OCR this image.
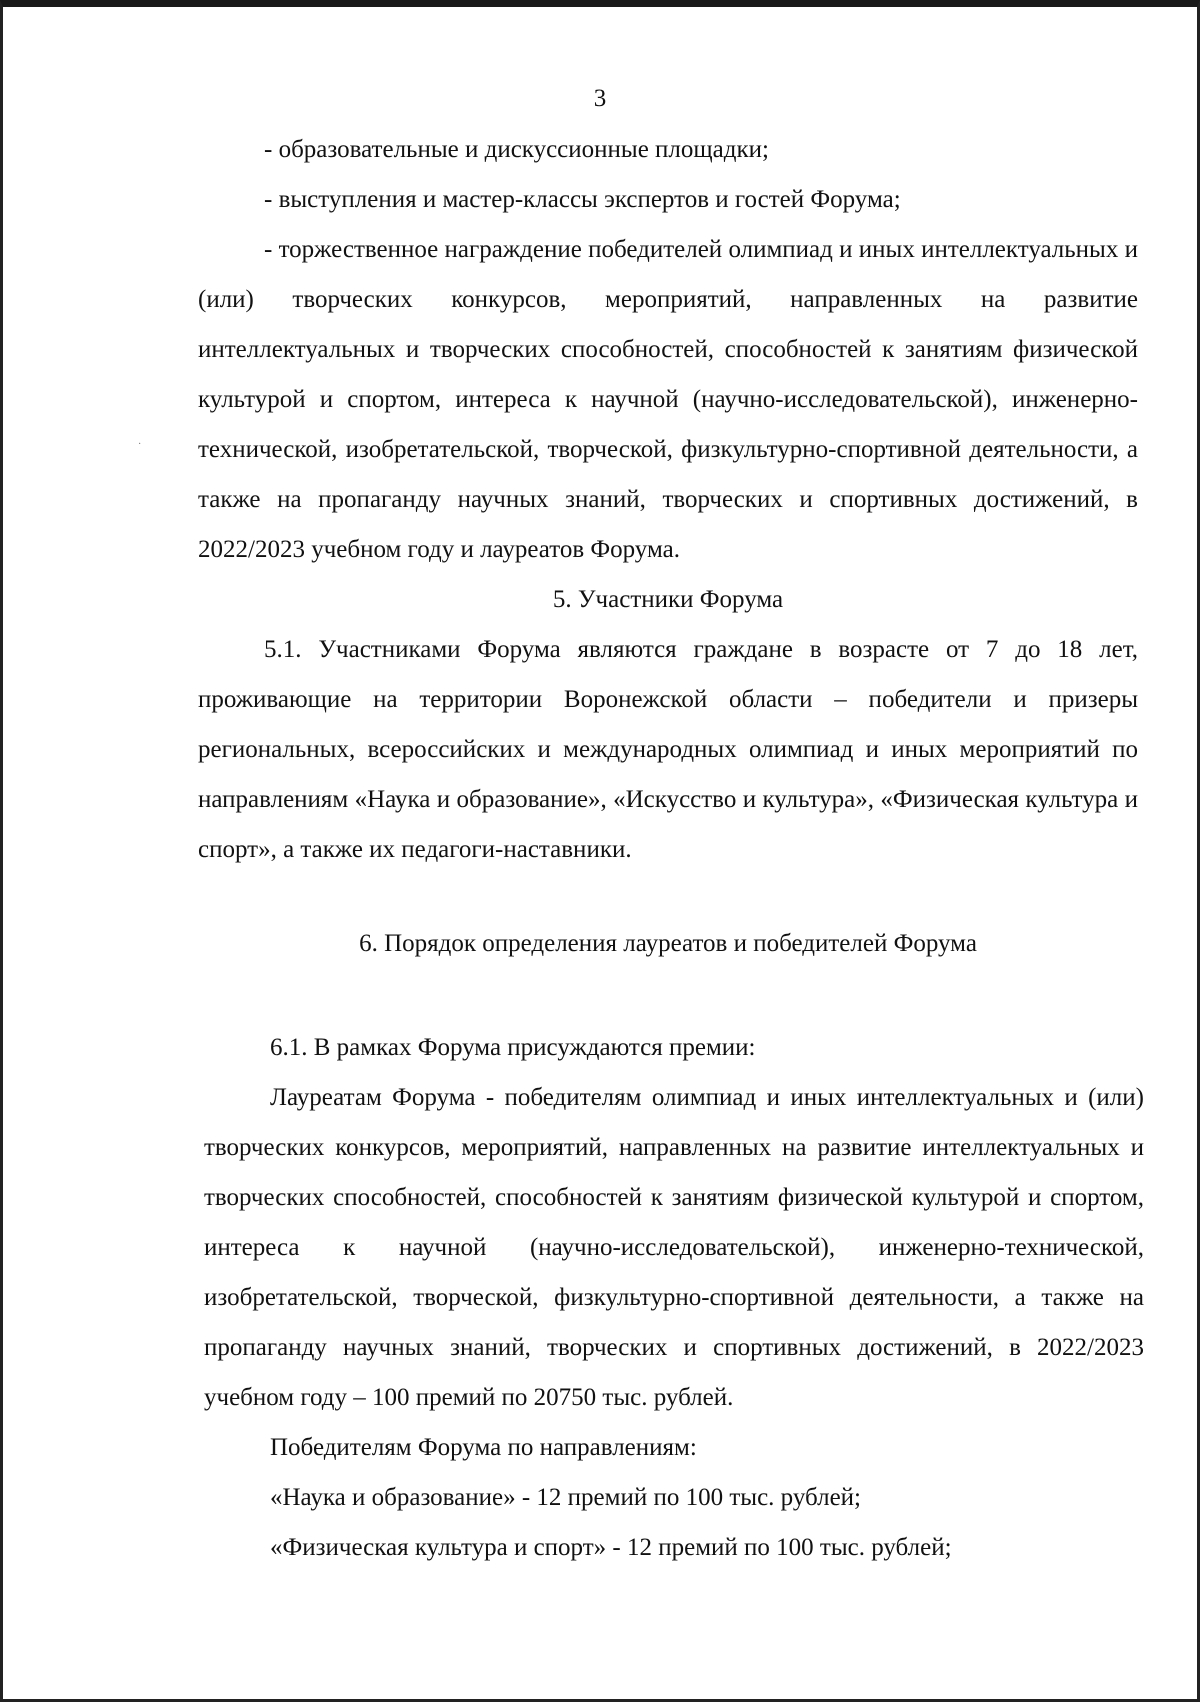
·
3

- образовательные и дискуссионные площадки;

- выступления и мастер-классы экспертов и гостей Форума;

- торжественное награждение победителей олимпиад и иных интеллектуальных и (или) творческих конкурсов, мероприятий, направленных на развитие интеллектуальных и творческих способностей, способностей к занятиям физической культурой и спортом, интереса к научной (научно-исследовательской), инженерно-технической, изобретательской, творческой, физкультурно-спортивной деятельности, а также на пропаганду научных знаний, творческих и спортивных достижений, в 2022/2023 учебном году и лауреатов Форума.

5. Участники Форума

5.1. Участниками Форума являются граждане в возрасте от 7 до 18 лет, проживающие на территории Воронежской области – победители и призеры региональных, всероссийских и международных олимпиад и иных мероприятий по направлениям «Наука и образование», «Искусство и культура», «Физическая культура и спорт», а также их педагоги-наставники.

6. Порядок определения лауреатов и победителей Форума

6.1. В рамках Форума присуждаются премии:

Лауреатам Форума - победителям олимпиад и иных интеллектуальных и (или) творческих конкурсов, мероприятий, направленных на развитие интеллектуальных и творческих способностей, способностей к занятиям физической культурой и спортом, интереса к научной (научно-исследовательской), инженерно-технической, изобретательской, творческой, физкультурно-спортивной деятельности, а также на пропаганду научных знаний, творческих и спортивных достижений, в 2022/2023 учебном году – 100 премий по 20750 тыс. рублей.

Победителям Форума по направлениям:

«Наука и образование» - 12 премий по 100 тыс. рублей;

«Физическая культура и спорт» - 12 премий по 100 тыс. рублей;
